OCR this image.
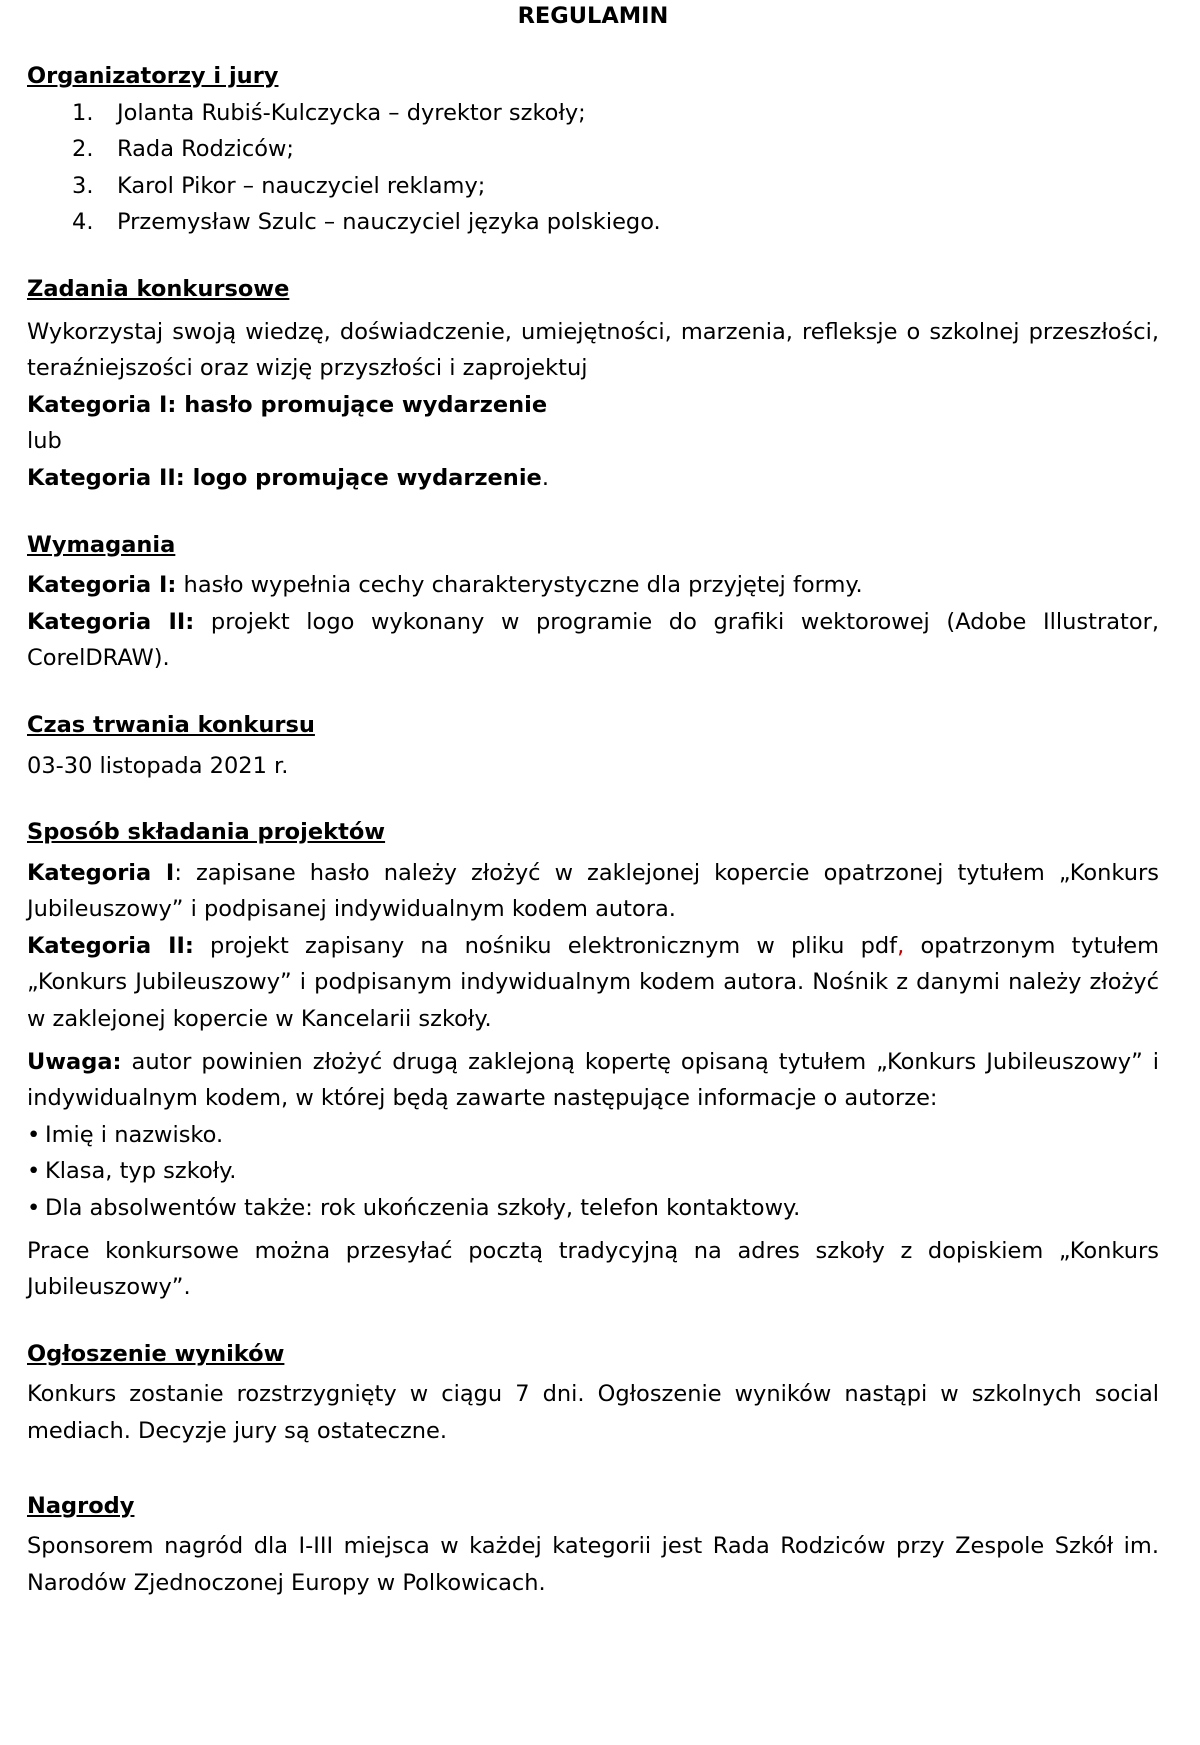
REGULAMIN

Organizatorzy i jury
1. Jolanta Rubiś-Kulczycka – dyrektor szkoły;
2. Rada Rodziców;
3. Karol Pikor – nauczyciel reklamy;
4. Przemysław Szulc – nauczyciel języka polskiego.
Zadania konkursowe

Wykorzystaj swoją wiedzę, doświadczenie, umiejętności, marzenia, refleksje o szkolnej przeszłości, teraźniejszości oraz wizję przyszłości i zaprojektuj

Kategoria I: hasło promujące wydarzenie

lub

Kategoria II: logo promujące wydarzenie.

Wymagania

Kategoria I: hasło wypełnia cechy charakterystyczne dla przyjętej formy.

Kategoria II: projekt logo wykonany w programie do grafiki wektorowej (Adobe Illustrator, CorelDRAW).

Czas trwania konkursu

03-30 listopada 2021 r.

Sposób składania projektów

Kategoria I: zapisane hasło należy złożyć w zaklejonej kopercie opatrzonej tytułem „Konkurs Jubileuszowy” i podpisanej indywidualnym kodem autora.

Kategoria II: projekt zapisany na nośniku elektronicznym w pliku pdf, opatrzonym tytułem „Konkurs Jubileuszowy” i podpisanym indywidualnym kodem autora. Nośnik z danymi należy złożyć w zaklejonej kopercie w Kancelarii szkoły.

Uwaga: autor powinien złożyć drugą zaklejoną kopertę opisaną tytułem „Konkurs Jubileuszowy” i indywidualnym kodem, w której będą zawarte następujące informacje o autorze:

• Imię i nazwisko.
• Klasa, typ szkoły.
• Dla absolwentów także: rok ukończenia szkoły, telefon kontaktowy.

Prace konkursowe można przesyłać pocztą tradycyjną na adres szkoły z dopiskiem „Konkurs Jubileuszowy”.

Ogłoszenie wyników

Konkurs zostanie rozstrzygnięty w ciągu 7 dni. Ogłoszenie wyników nastąpi w szkolnych social mediach. Decyzje jury są ostateczne.

Nagrody

Sponsorem nagród dla I-III miejsca w każdej kategorii jest Rada Rodziców przy Zespole Szkół im. Narodów Zjednoczonej Europy w Polkowicach.
